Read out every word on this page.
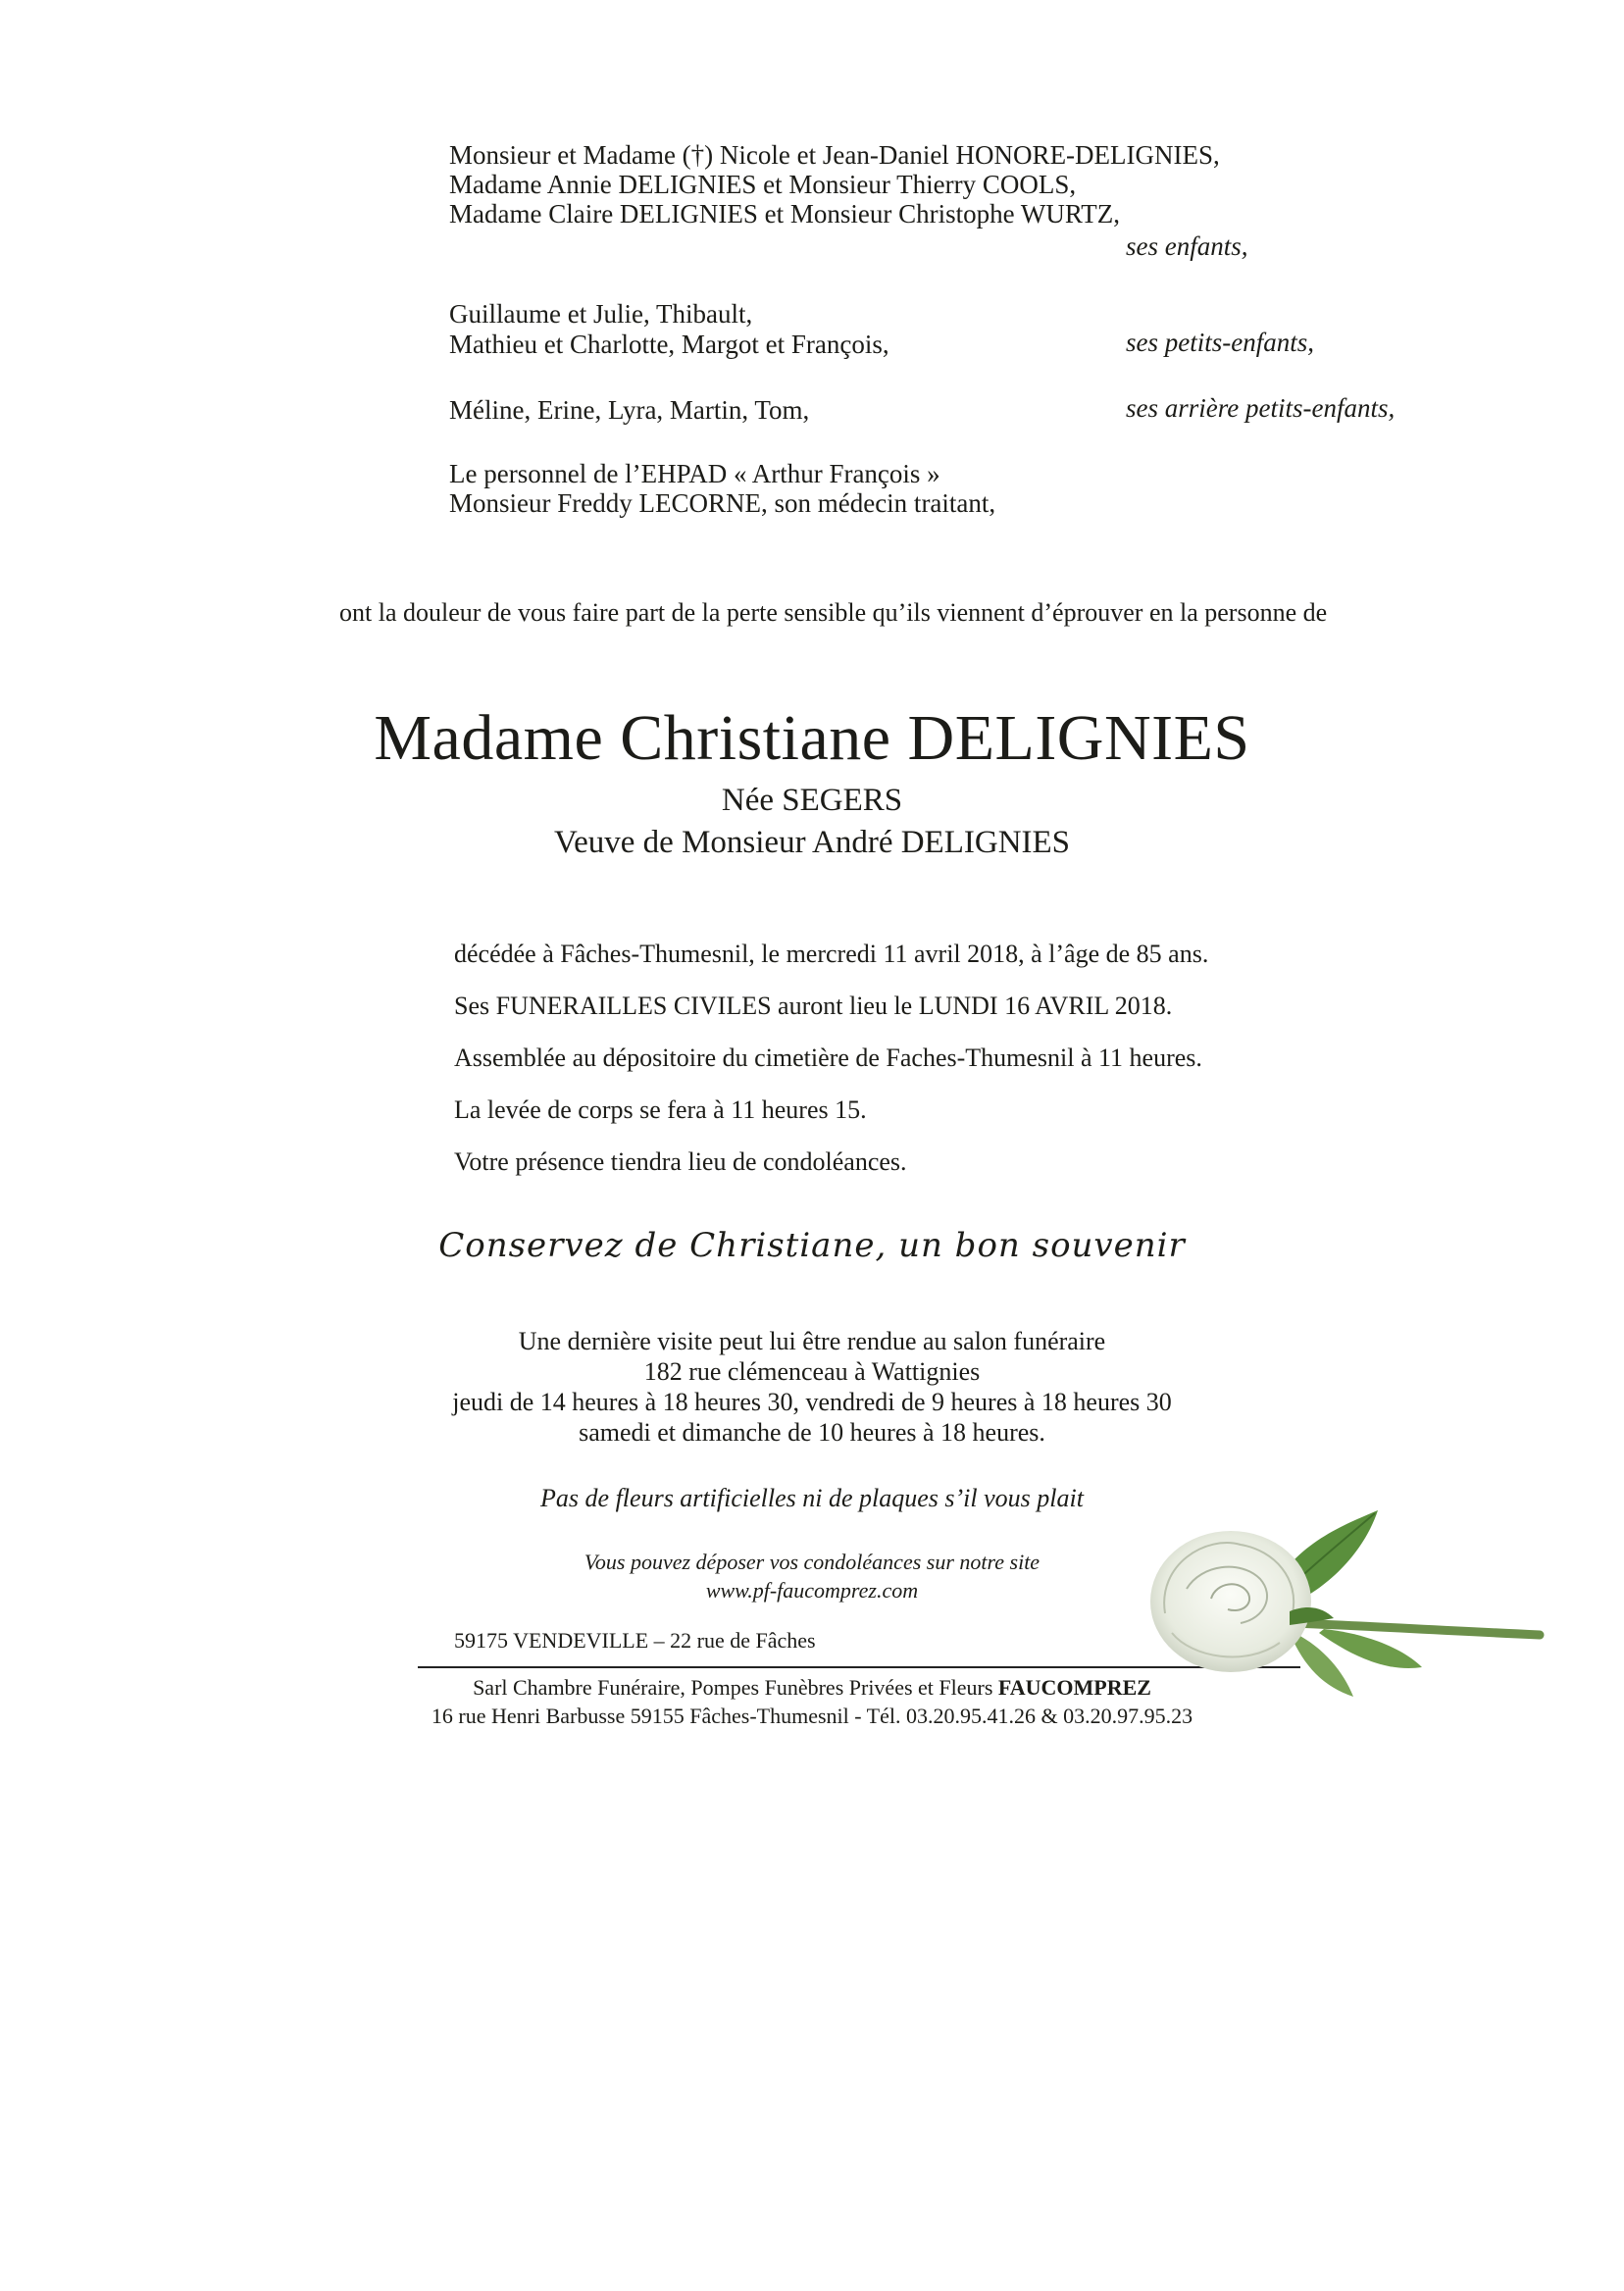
Monsieur et Madame (†) Nicole et Jean-Daniel HONORE-DELIGNIES,
Madame Annie DELIGNIES et Monsieur Thierry COOLS,
Madame Claire DELIGNIES et Monsieur Christophe WURTZ,
ses enfants,
Guillaume et Julie, Thibault,
Mathieu et Charlotte, Margot et François,	ses petits-enfants,
Méline, Erine, Lyra, Martin, Tom,	ses arrière petits-enfants,
Le personnel de l’EHPAD « Arthur François »
Monsieur Freddy LECORNE, son médecin traitant,
ont la douleur de vous faire part de la perte sensible qu’ils viennent d’éprouver en la personne de
Madame Christiane DELIGNIES
Née SEGERS
Veuve de Monsieur André DELIGNIES
décédée à Fâches-Thumesnil, le mercredi 11 avril 2018, à l’âge de 85 ans.
Ses FUNERAILLES CIVILES auront lieu le LUNDI 16 AVRIL 2018.
Assemblée au dépositoire du cimetière de Faches-Thumesnil à 11 heures.
La levée de corps se fera à 11 heures 15.
Votre présence tiendra lieu de condoléances.
Conservez de Christiane, un bon souvenir
Une dernière visite peut lui être rendue au salon funéraire
182 rue clémenceau à Wattignies
jeudi de 14 heures à 18 heures 30, vendredi de 9 heures à 18 heures 30
samedi et dimanche de 10 heures à 18 heures.
Pas de fleurs artificielles ni de plaques s’il vous plait
Vous pouvez déposer vos condoléances sur notre site
www.pf-faucomprez.com
59175 VENDEVILLE – 22 rue de Fâches
Sarl Chambre Funéraire, Pompes Funèbres Privées et Fleurs FAUCOMPREZ
16 rue Henri Barbusse 59155 Fâches-Thumesnil - Tél. 03.20.95.41.26 & 03.20.97.95.23
